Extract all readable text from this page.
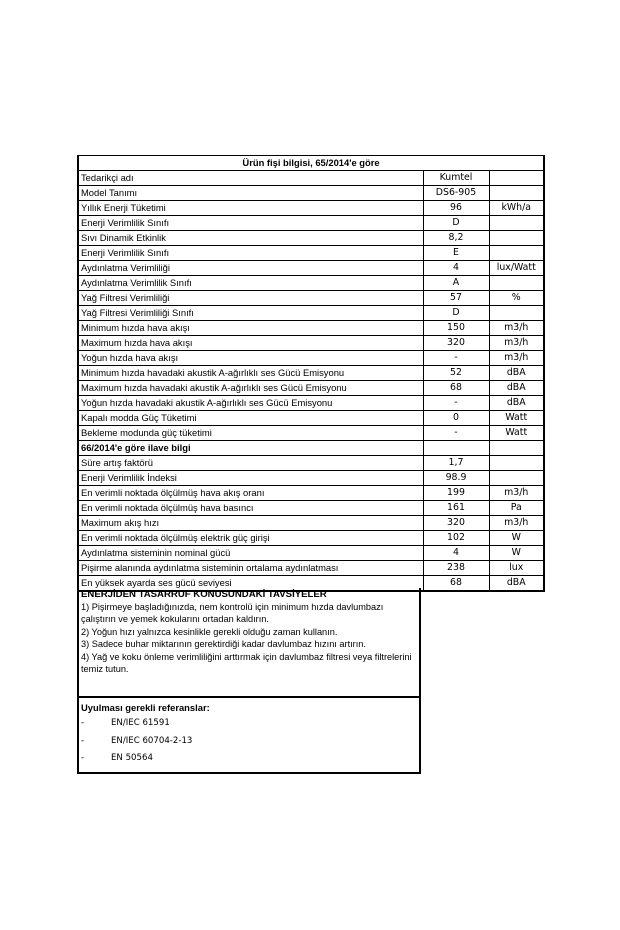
Ürün fişi bilgisi, 65/2014'e göre		
Tedarikçi adı	Kumtel	
Model Tanımı	DS6-905	
Yıllık Enerji Tüketimi	96	kWh/a
Enerji Verimlilik Sınıfı	D	
Sıvı Dinamik Etkinlik	8,2	
Enerji Verimlilik Sınıfı	E	
Aydınlatma Verimliliği	4	lux/Watt
Aydınlatma Verimlilik Sınıfı	A	
Yağ Filtresi Verimliliği	57	%
Yağ Filtresi Verimliliği Sınıfı	D	
Minimum hızda hava akışı	150	m3/h
Maximum hızda hava akışı	320	m3/h
Yoğun hızda hava akışı	-	m3/h
Minimum hızda havadaki akustik A-ağırlıklı ses Gücü Emisyonu	52	dBA
Maximum hızda havadaki akustik A-ağırlıklı ses Gücü Emisyonu	68	dBA
Yoğun hızda havadaki akustik A-ağırlıklı ses Gücü Emisyonu	-	dBA
Kapalı modda Güç Tüketimi	0	Watt
Bekleme modunda güç tüketimi	-	Watt
66/2014'e göre ilave bilgi		
Süre artış faktörü	1,7	
Enerji Verimlilik İndeksi	98.9	
En verimli noktada ölçülmüş hava akış oranı	199	m3/h
En verimli noktada ölçülmüş hava basıncı	161	Pa
Maximum akış hızı	320	m3/h
En verimli noktada ölçülmüş elektrik güç girişi	102	W
Aydınlatma sisteminin nominal gücü	4	W
Pişirme alanında aydınlatma sisteminin ortalama aydınlatması	238	lux
En yüksek ayarda ses gücü seviyesi	68	dBA
ENERJİDEN TASARRUF KONUSUNDAKİ TAVSİYELER
1) Pişirmeye başladığınızda, nem kontrolü için minimum hızda davlumbazı çalıştırın ve yemek kokularını ortadan kaldırın.
2) Yoğun hızı yalnızca kesinlikle gerekli olduğu zaman kullanın.
3) Sadece buhar miktarının gerektirdiği kadar davlumbaz hızını artırın.
4) Yağ ve koku önleme verimliliğini arttırmak için davlumbaz filtresi veya filtrelerini temiz tutun.
Uyulması gerekli referanslar:
-	EN/IEC 61591
-	EN/IEC 60704-2-13
-	EN 50564
